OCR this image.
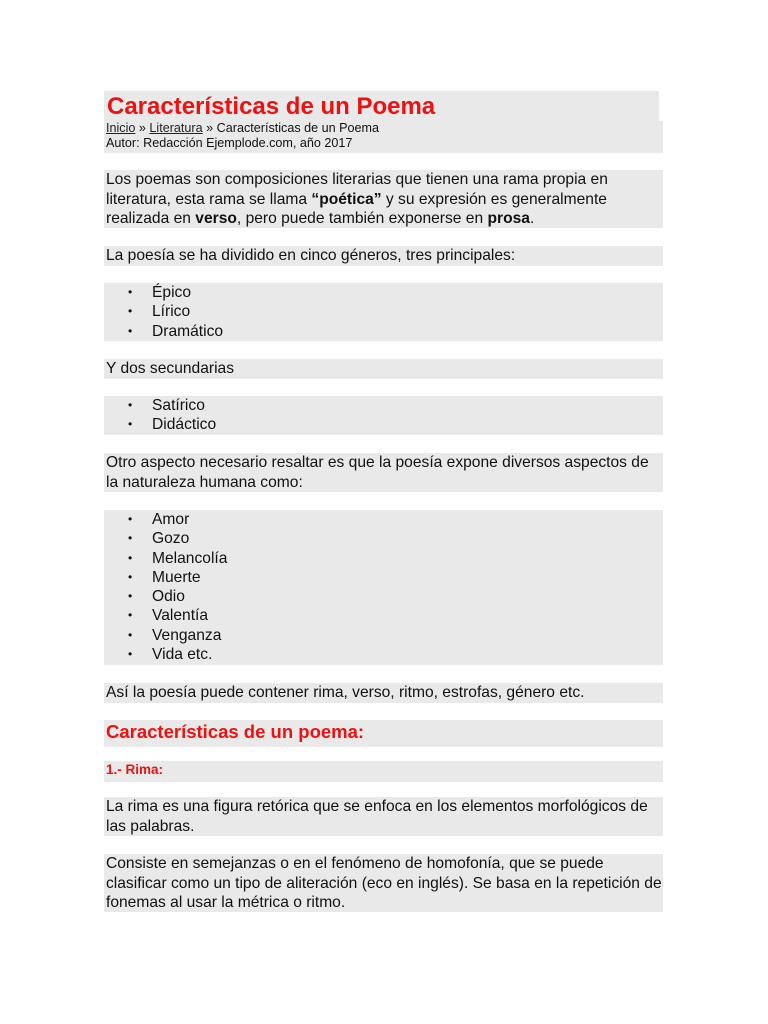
Características de un Poema
Inicio » Literatura » Características de un Poema
Autor: Redacción Ejemplode.com, año 2017
Los poemas son composiciones literarias que tienen una rama propia en literatura, esta rama se llama “poética” y su expresión es generalmente realizada en verso, pero puede también exponerse en prosa.
La poesía se ha dividido en cinco géneros, tres principales:
• Épico
• Lírico
• Dramático
Y dos secundarias
• Satírico
• Didáctico
Otro aspecto necesario resaltar es que la poesía expone diversos aspectos de la naturaleza humana como:
• Amor
• Gozo
• Melancolía
• Muerte
• Odio
• Valentía
• Venganza
• Vida etc.
Así la poesía puede contener rima, verso, ritmo, estrofas, género etc.
Características de un poema:
1.- Rima:
La rima es una figura retórica que se enfoca en los elementos morfológicos de las palabras.
Consiste en semejanzas o en el fenómeno de homofonía, que se puede clasificar como un tipo de aliteración (eco en inglés). Se basa en la repetición de fonemas al usar la métrica o ritmo.
